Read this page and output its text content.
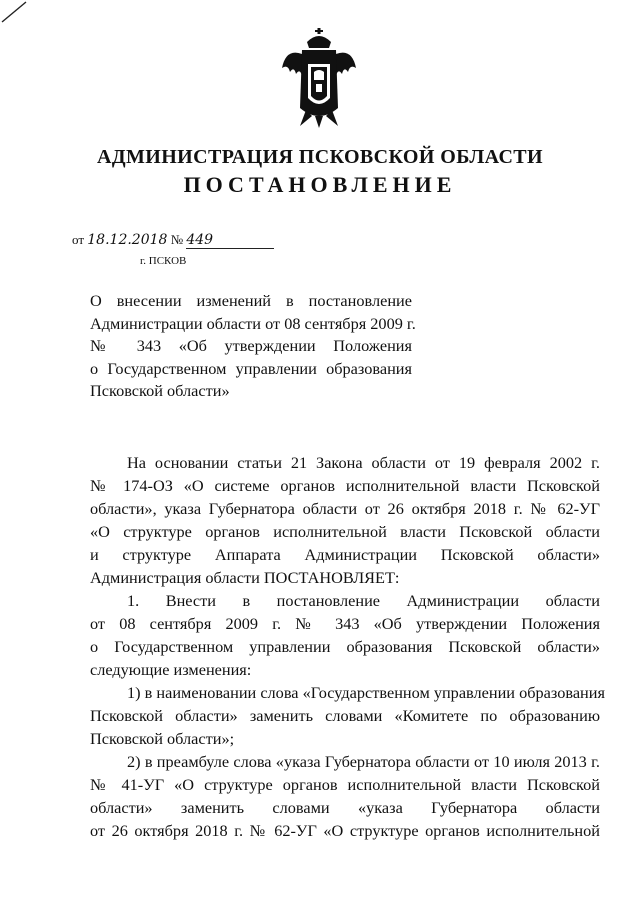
АДМИНИСТРАЦИЯ ПСКОВСКОЙ ОБЛАСТИ
ПОСТАНОВЛЕНИЕ
от 18.12.2018 № 449
г. ПСКОВ
О внесении изменений в постановление
Администрации области от 08 сентября 2009 г.
№ 343 «Об утверждении Положения
о Государственном управлении образования
Псковской области»
На основании статьи 21 Закона области от 19 февраля 2002 г.
№ 174-ОЗ «О системе органов исполнительной власти Псковской
области», указа Губернатора области от 26 октября 2018 г. № 62-УГ
«О структуре органов исполнительной власти Псковской области
и структуре Аппарата Администрации Псковской области»
Администрация области ПОСТАНОВЛЯЕТ:
1. Внести в постановление Администрации области
от 08 сентября 2009 г. № 343 «Об утверждении Положения
о Государственном управлении образования Псковской области»
следующие изменения:
1) в наименовании слова «Государственном управлении образования
Псковской области» заменить словами «Комитете по образованию
Псковской области»;
2) в преамбуле слова «указа Губернатора области от 10 июля 2013 г.
№ 41-УГ «О структуре органов исполнительной власти Псковской
области» заменить словами «указа Губернатора области
от 26 октября 2018 г. № 62-УГ «О структуре органов исполнительной
